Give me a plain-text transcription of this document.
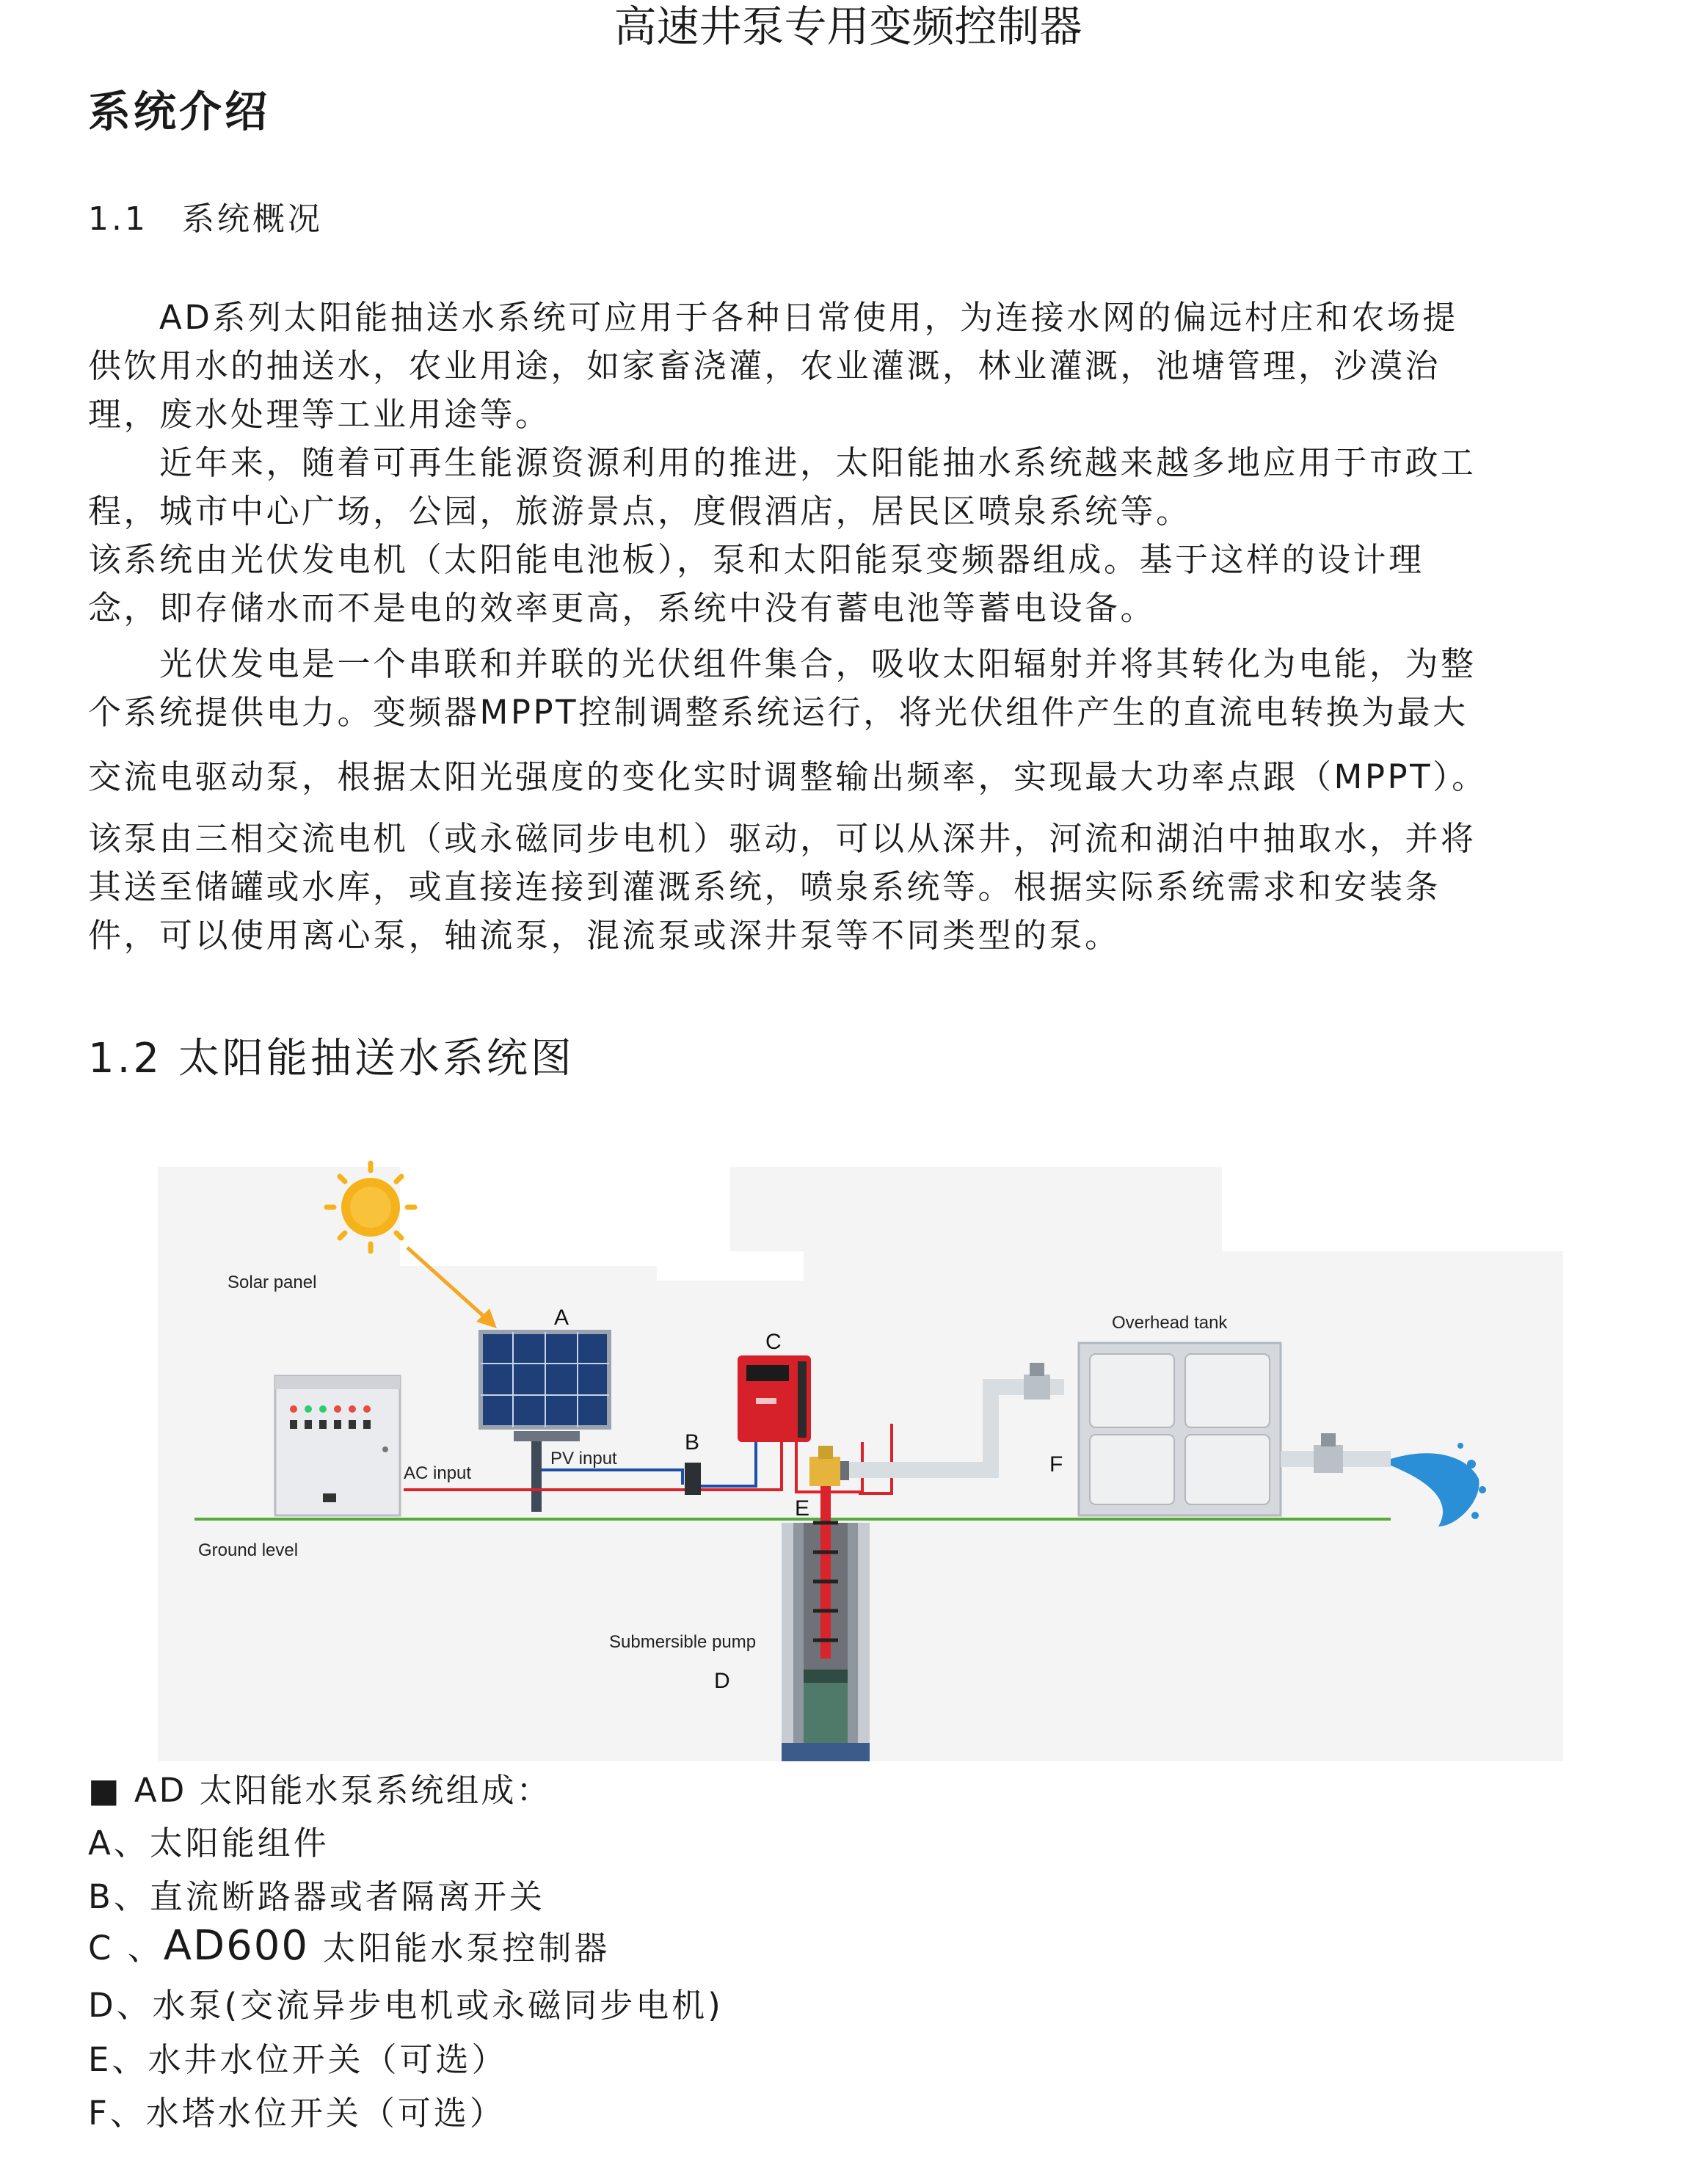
高速井泵专用变频控制器
系统介绍
1.1 系统概况
　　AD系列太阳能抽送水系统可应用于各种日常使用，为连接水网的偏远村庄和农场提
供饮用水的抽送水，农业用途，如家畜浇灌，农业灌溉，林业灌溉，池塘管理，沙漠治
理，废水处理等工业用途等。
　　近年来，随着可再生能源资源利用的推进，太阳能抽水系统越来越多地应用于市政工
程，城市中心广场，公园，旅游景点，度假酒店，居民区喷泉系统等。
该系统由光伏发电机（太阳能电池板），泵和太阳能泵变频器组成。基于这样的设计理
念，即存储水而不是电的效率更高，系统中没有蓄电池等蓄电设备。
　　光伏发电是一个串联和并联的光伏组件集合，吸收太阳辐射并将其转化为电能，为整
个系统提供电力。变频器MPPT控制调整系统运行，将光伏组件产生的直流电转换为最大
交流电驱动泵，根据太阳光强度的变化实时调整输出频率，实现最大功率点跟（MPPT）。
该泵由三相交流电机（或永磁同步电机）驱动，可以从深井，河流和湖泊中抽取水，并将
其送至储罐或水库，或直接连接到灌溉系统，喷泉系统等。根据实际系统需求和安装条
件，可以使用离心泵，轴流泵，混流泵或深井泵等不同类型的泵。
1.2 太阳能抽送水系统图
Solar panel
A
AC input
Ground level
PV input
B
C
Submersible pump
D
E
F
Overhead tank
■ AD 太阳能水泵系统组成：
A、太阳能组件
B、直流断路器或者隔离开关
C 、AD600 太阳能水泵控制器
D、水泵(交流异步电机或永磁同步电机)
E、水井水位开关（可选）
F、水塔水位开关（可选）
